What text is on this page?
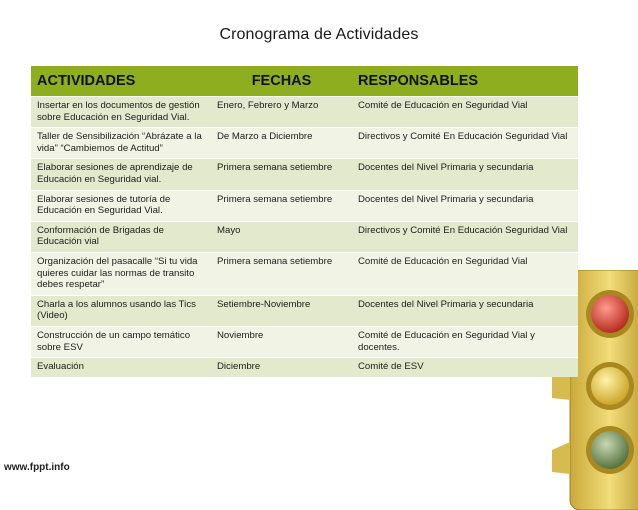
Cronograma de Actividades
ACTIVIDADES	FECHAS	RESPONSABLES
Insertar en los documentos de gestión sobre Educación en Seguridad Vial.	Enero, Febrero y Marzo	Comité de Educación en Seguridad Vial
Taller de Sensibilización “Abrázate a la vida” “Cambiemos de Actitud”	De Marzo a Diciembre	Directivos y Comité En Educación Seguridad Vial
Elaborar sesiones de aprendizaje de Educación en Seguridad vial.	Primera semana setiembre	Docentes del Nivel Primaria y secundaria
Elaborar sesiones de tutoría de Educación en Seguridad Vial.	Primera semana setiembre	Docentes del Nivel Primaria y secundaria
Conformación de Brigadas de Educación vial	Mayo	Directivos y Comité En Educación Seguridad Vial
Organización del pasacalle “Si tu vida quieres cuidar las normas de transito debes respetar”	Primera semana setiembre	Comité de Educación en Seguridad Vial
Charla a los alumnos usando las Tics (Video)	Setiembre-Noviembre	Docentes del Nivel Primaria y secundaria
Construcción de un campo temático sobre ESV	Noviembre	Comité de Educación en Seguridad Vial y docentes.
Evaluación	Diciembre	Comité de ESV
www.fppt.info
